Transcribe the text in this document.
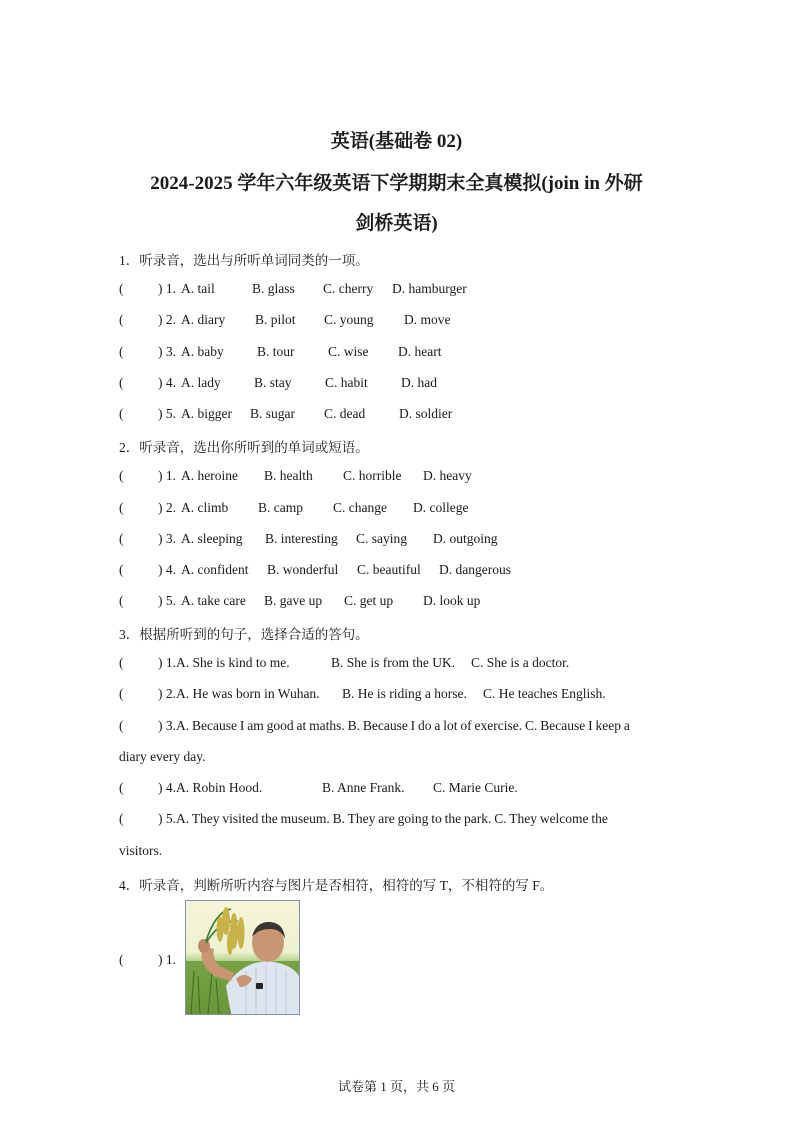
英语(基础卷 02)
2024-2025 学年六年级英语下学期期末全真模拟(join in 外研
剑桥英语)
1．听录音，选出与所听单词同类的一项。
(	) 1. A. tail	B. glass C. cherry D. hamburger
(	) 2. A. diary B. pilot C. young D. move
(	) 3. A. baby B. tour C. wise D. heart
(	) 4. A. lady B. stay C. habit D. had
(	) 5. A. bigger B. sugar C. dead	D. soldier
2．听录音，选出你所听到的单词或短语。
(	) 1. A. heroine B. health C. horrible D. heavy
(	) 2. A. climb B. camp C. change D. college
(	) 3. A. sleeping B. interesting C. saying D. outgoing
(	) 4. A. confident B. wonderful C. beautiful D. dangerous
(	) 5. A. take care B. gave up C. get up D. look up
3．根据所听到的句子，选择合适的答句。
(	) 1. A. She is kind to me.	B. She is from the UK. C. She is a doctor.
(	) 2. A. He was born in Wuhan. B. He is riding a horse. C. He teaches English.
(	) 3. A. Because I am good at maths. B. Because I do a lot of exercise. C. Because I keep a
diary every day.
(	) 4. A. Robin Hood.	B. Anne Frank. C. Marie Curie.
(	) 5. A. They visited the museum. B. They are going to the park. C. They welcome the
visitors.
4．听录音，判断所听内容与图片是否相符，相符的写 T，不相符的写 F。
(	) 1.
试卷第 1 页，共 6 页
